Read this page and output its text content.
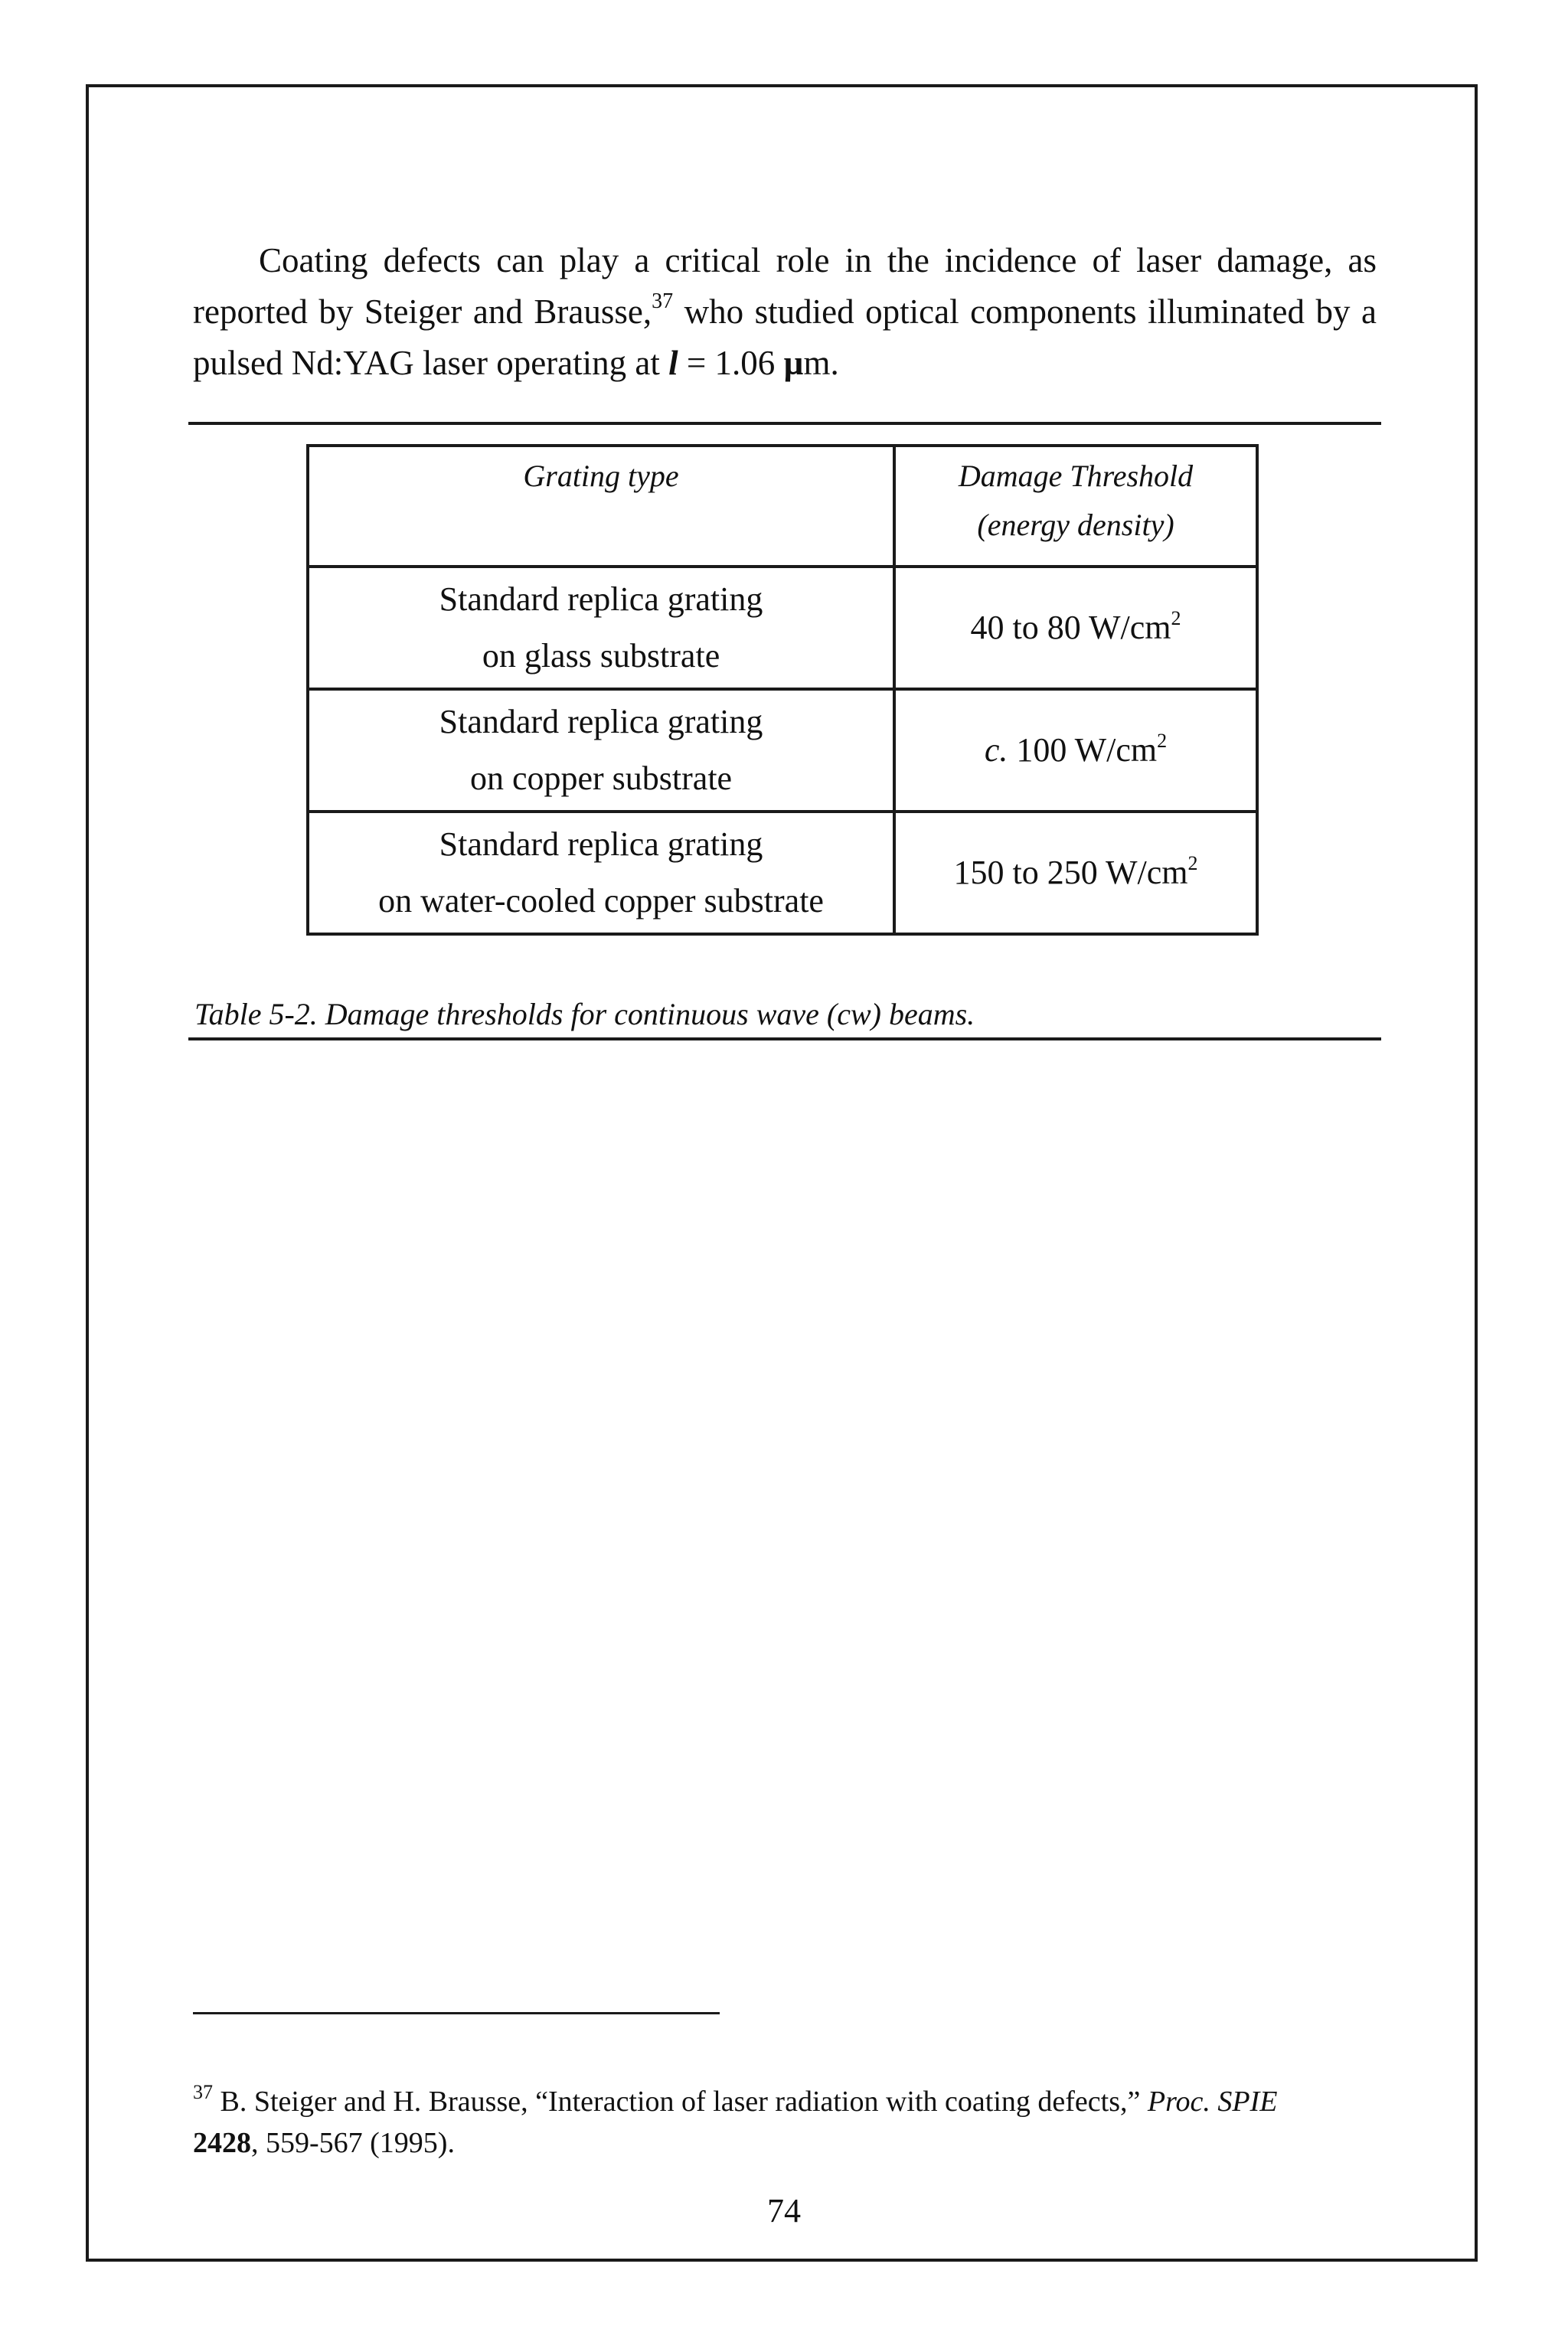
Coating defects can play a critical role in the incidence of laser damage, as reported by Steiger and Brausse,$^{37}$ who studied optical components illuminated by a pulsed Nd:YAG laser operating at l = 1.06 µm.

Grating type	Damage Threshold
(energy density)

Standard replica grating
on glass substrate	40 to 80 $W/cm^2$

Standard replica grating
on copper substrate	c. 100 $W/cm^2$

Standard replica grating
on water-cooled copper substrate	150 to 250 $W/cm^2$
Table 5-2. Damage thresholds for continuous wave (cw) beams.

$^{37}$ B. Steiger and H. Brausse, “Interaction of laser radiation with coating defects,” Proc. SPIE
2428, 559-567 (1995).

74
